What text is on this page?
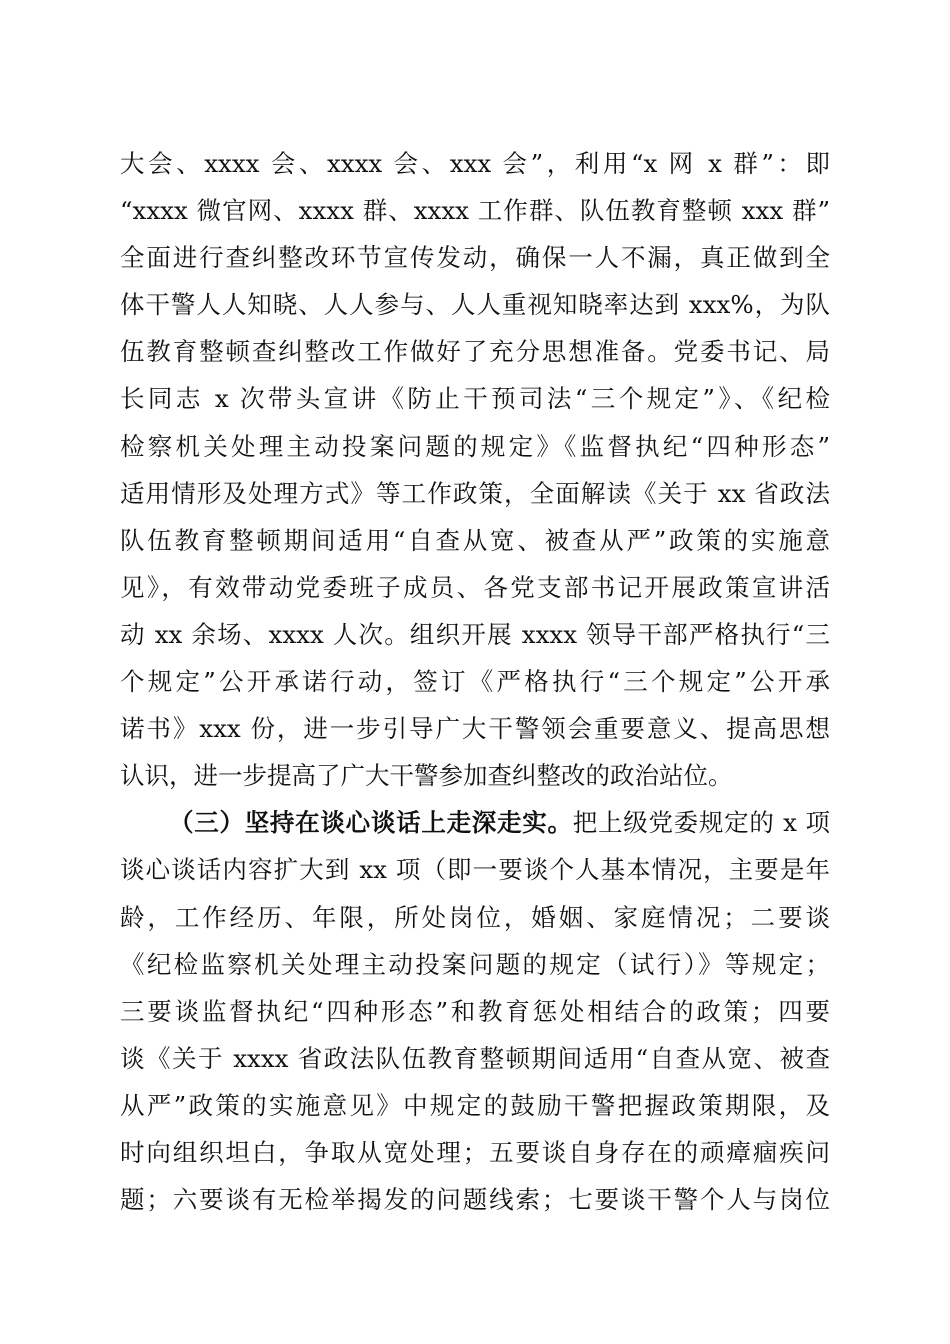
大会、xxxx 会、xxxx 会、xxx 会”，利用“x 网 x 群”：即
“xxxx 微官网、xxxx 群、xxxx 工作群、队伍教育整顿 xxx 群”
全面进行查纠整改环节宣传发动，确保一人不漏，真正做到全
体干警人人知晓、人人参与、人人重视知晓率达到 xxx%，为队
伍教育整顿查纠整改工作做好了充分思想准备。党委书记、局
长同志 x 次带头宣讲《防止干预司法“三个规定”》、《纪检
检察机关处理主动投案问题的规定》《监督执纪“四种形态”
适用情形及处理方式》等工作政策，全面解读《关于 xx 省政法
队伍教育整顿期间适用“自查从宽、被查从严”政策的实施意
见》，有效带动党委班子成员、各党支部书记开展政策宣讲活
动 xx 余场、xxxx 人次。组织开展 xxxx 领导干部严格执行“三
个规定”公开承诺行动，签订《严格执行“三个规定”公开承
诺书》xxx 份，进一步引导广大干警领会重要意义、提高思想
认识，进一步提高了广大干警参加查纠整改的政治站位。
（三）坚持在谈心谈话上走深走实。把上级党委规定的 x 项
谈心谈话内容扩大到 xx 项（即一要谈个人基本情况，主要是年
龄，工作经历、年限，所处岗位，婚姻、家庭情况；二要谈
《纪检监察机关处理主动投案问题的规定（试行）》等规定；
三要谈监督执纪“四种形态”和教育惩处相结合的政策；四要
谈《关于 xxxx 省政法队伍教育整顿期间适用“自查从宽、被查
从严”政策的实施意见》中规定的鼓励干警把握政策期限，及
时向组织坦白，争取从宽处理；五要谈自身存在的顽瘴痼疾问
题；六要谈有无检举揭发的问题线索；七要谈干警个人与岗位
